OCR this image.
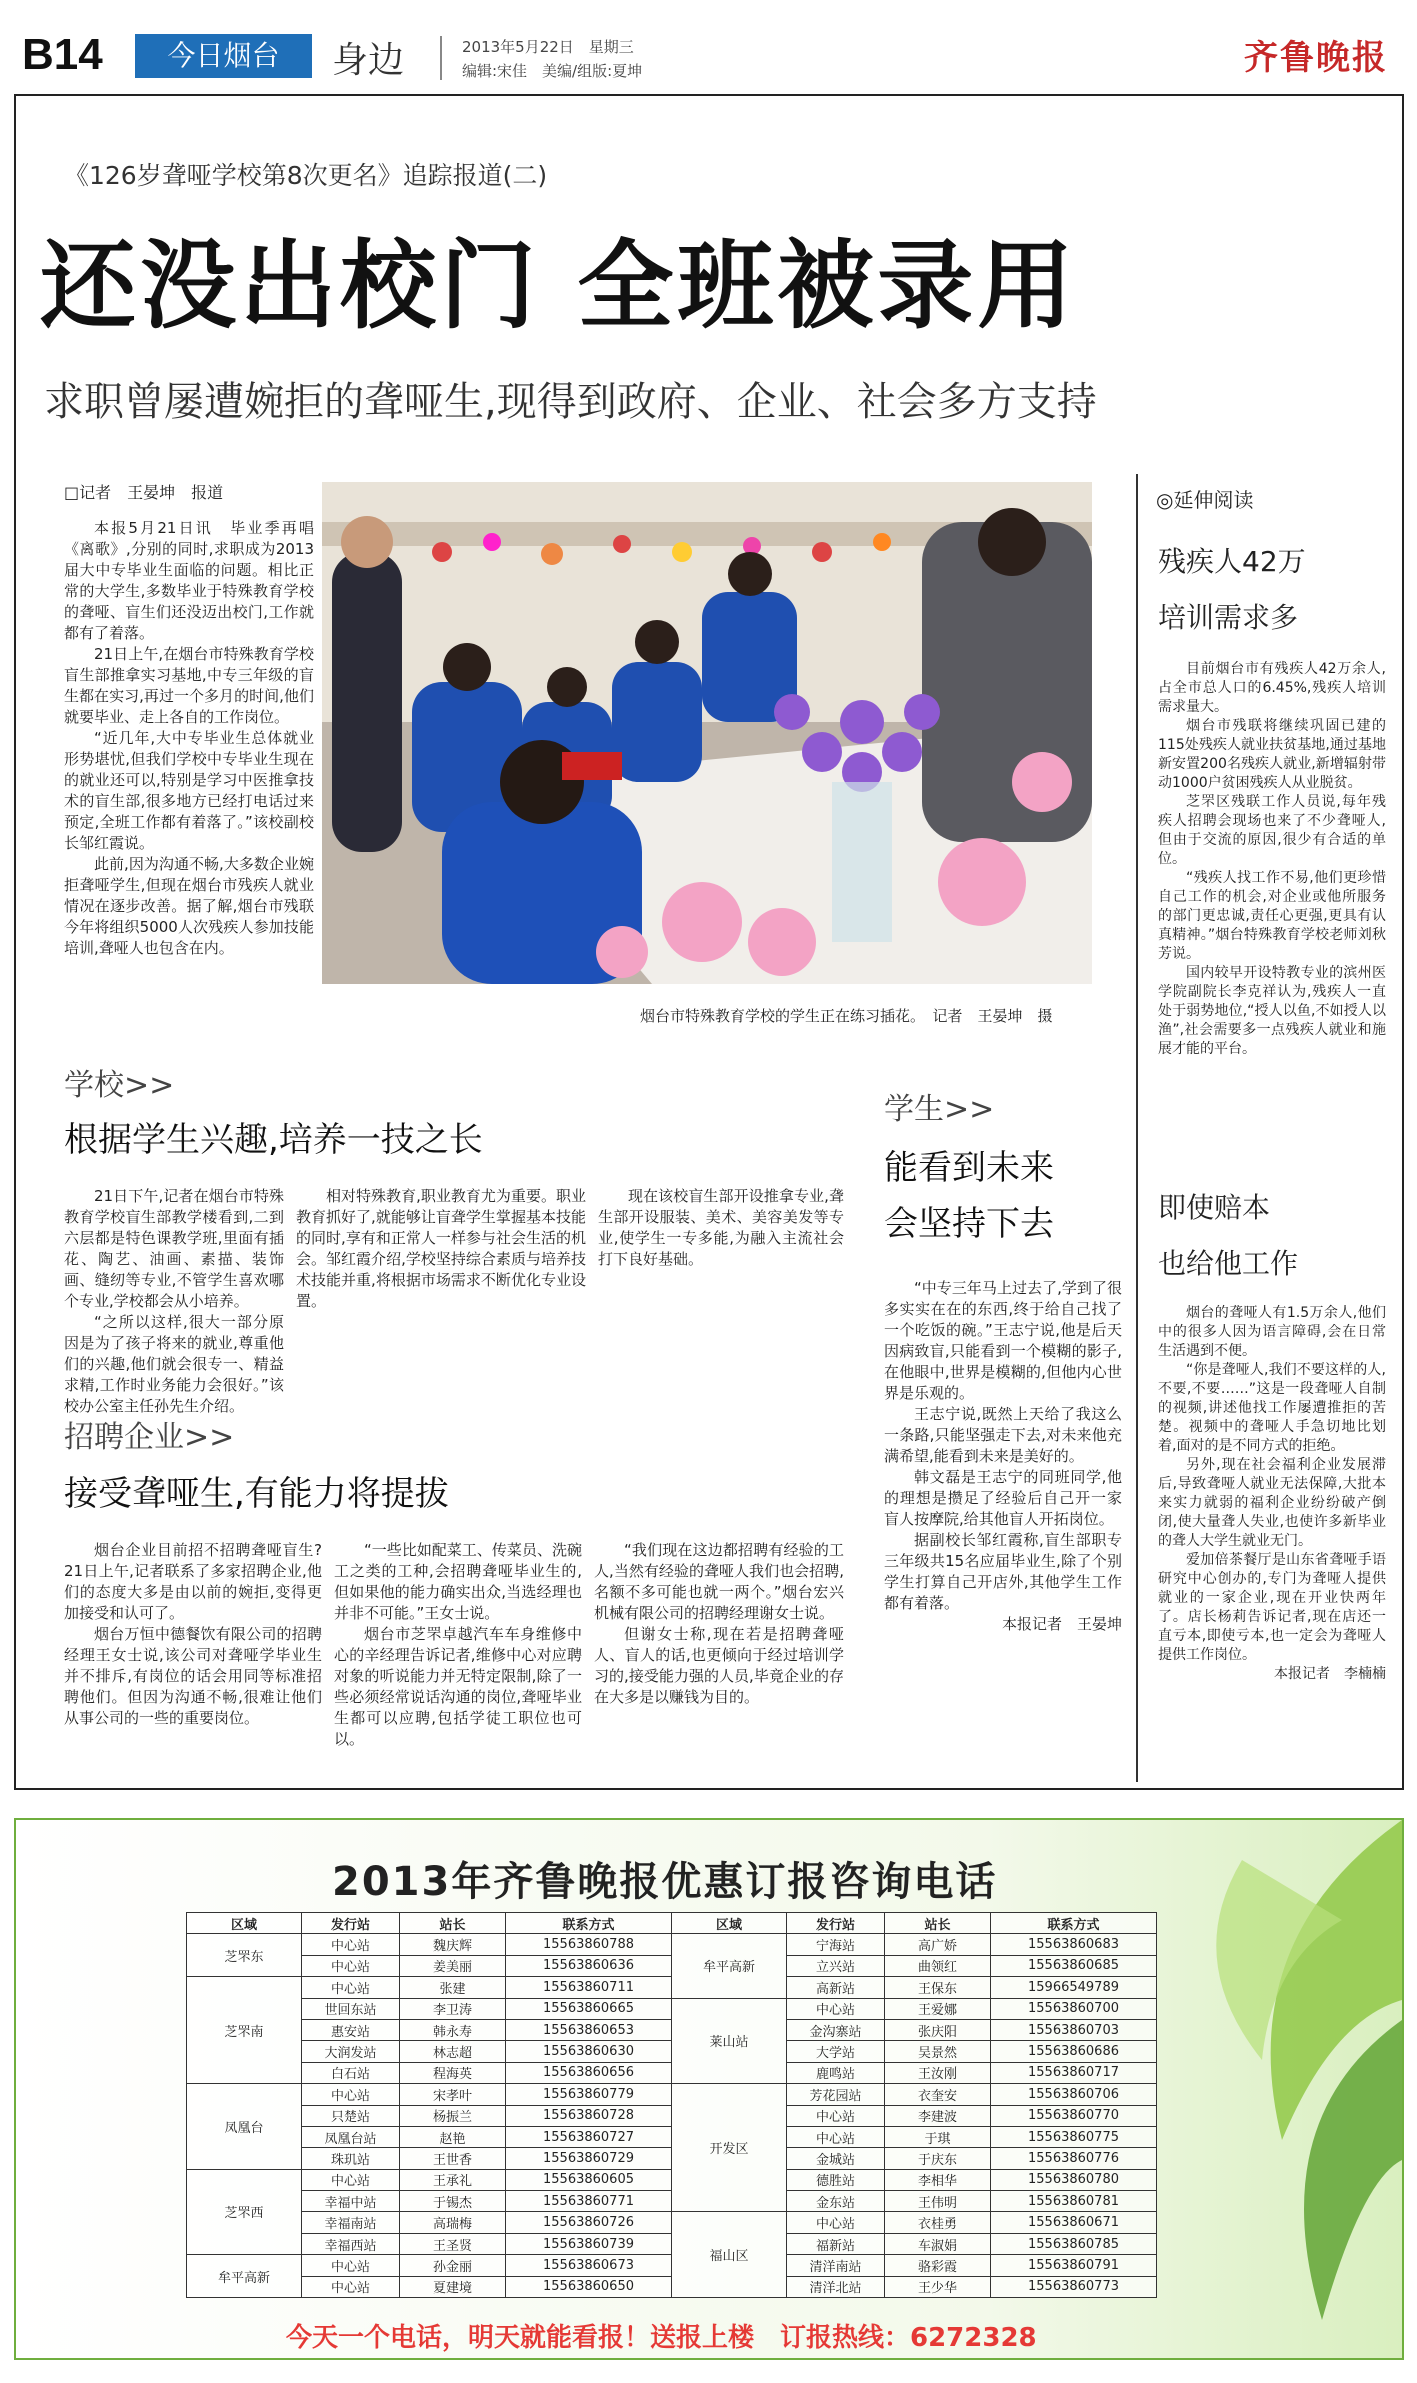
B14	今日烟台	身边	2013年5月22日　星期三
编辑:宋佳　美编/组版:夏坤	齐鲁晚报
《126岁聋哑学校第8次更名》追踪报道(二)
还没出校门 全班被录用
求职曾屡遭婉拒的聋哑生,现得到政府、企业、社会多方支持
□记者　王晏坤　报道

本报5月21日讯　毕业季再唱《离歌》,分别的同时,求职成为2013届大中专毕业生面临的问题。相比正常的大学生,多数毕业于特殊教育学校的聋哑、盲生们还没迈出校门,工作就都有了着落。

21日上午,在烟台市特殊教育学校盲生部推拿实习基地,中专三年级的盲生都在实习,再过一个多月的时间,他们就要毕业、走上各自的工作岗位。

“近几年,大中专毕业生总体就业形势堪忧,但我们学校中专毕业生现在的就业还可以,特别是学习中医推拿技术的盲生部,很多地方已经打电话过来预定,全班工作都有着落了。”该校副校长邹红霞说。

此前,因为沟通不畅,大多数企业婉拒聋哑学生,但现在烟台市残疾人就业情况在逐步改善。据了解,烟台市残联今年将组织5000人次残疾人参加技能培训,聋哑人也包含在内。

烟台市特殊教育学校的学生正在练习插花。　记者　王晏坤　摄
学校>>
根据学生兴趣,培养一技之长

21日下午,记者在烟台市特殊教育学校盲生部教学楼看到,二到六层都是特色课教学班,里面有插花、陶艺、油画、素描、装饰画、缝纫等专业,不管学生喜欢哪个专业,学校都会从小培养。

“之所以这样,很大一部分原因是为了孩子将来的就业,尊重他们的兴趣,他们就会很专一、精益求精,工作时业务能力会很好。”该校办公室主任孙先生介绍。

相对特殊教育,职业教育尤为重要。职业教育抓好了,就能够让盲聋学生掌握基本技能的同时,享有和正常人一样参与社会生活的机会。邹红霞介绍,学校坚持综合素质与培养技术技能并重,将根据市场需求不断优化专业设置。

现在该校盲生部开设推拿专业,聋生部开设服装、美术、美容美发等专业,使学生一专多能,为融入主流社会打下良好基础。

招聘企业>>
接受聋哑生,有能力将提拔

烟台企业目前招不招聘聋哑盲生?21日上午,记者联系了多家招聘企业,他们的态度大多是由以前的婉拒,变得更加接受和认可了。

烟台万恒中德餐饮有限公司的招聘经理王女士说,该公司对聋哑学毕业生并不排斥,有岗位的话会用同等标准招聘他们。但因为沟通不畅,很难让他们从事公司的一些的重要岗位。

“一些比如配菜工、传菜员、洗碗工之类的工种,会招聘聋哑毕业生的,但如果他的能力确实出众,当选经理也并非不可能。”王女士说。

烟台市芝罘卓越汽车车身维修中心的辛经理告诉记者,维修中心对应聘对象的听说能力并无特定限制,除了一些必须经常说话沟通的岗位,聋哑毕业生都可以应聘,包括学徒工职位也可以。

“我们现在这边都招聘有经验的工人,当然有经验的聋哑人我们也会招聘,名额不多可能也就一两个。”烟台宏兴机械有限公司的招聘经理谢女士说。

但谢女士称,现在若是招聘聋哑人、盲人的话,也更倾向于经过培训学习的,接受能力强的人员,毕竟企业的存在大多是以赚钱为目的。

学生>>
能看到未来
会坚持下去

“中专三年马上过去了,学到了很多实实在在的东西,终于给自己找了一个吃饭的碗。”王志宁说,他是后天因病致盲,只能看到一个模糊的影子,在他眼中,世界是模糊的,但他内心世界是乐观的。

王志宁说,既然上天给了我这么一条路,只能坚强走下去,对未来他充满希望,能看到未来是美好的。

韩文磊是王志宁的同班同学,他的理想是攒足了经验后自己开一家盲人按摩院,给其他盲人开拓岗位。

据副校长邹红霞称,盲生部职专三年级共15名应届毕业生,除了个别学生打算自己开店外,其他学生工作都有着落。

本报记者　王晏坤
◎延伸阅读
残疾人42万
培训需求多

目前烟台市有残疾人42万余人,占全市总人口的6.45%,残疾人培训需求量大。

烟台市残联将继续巩固已建的115处残疾人就业扶贫基地,通过基地新安置200名残疾人就业,新增辐射带动1000户贫困残疾人从业脱贫。

芝罘区残联工作人员说,每年残疾人招聘会现场也来了不少聋哑人,但由于交流的原因,很少有合适的单位。

“残疾人找工作不易,他们更珍惜自己工作的机会,对企业或他所服务的部门更忠诚,责任心更强,更具有认真精神。”烟台特殊教育学校老师刘秋芳说。

国内较早开设特教专业的滨州医学院副院长李克祥认为,残疾人一直处于弱势地位,“授人以鱼,不如授人以渔”,社会需要多一点残疾人就业和施展才能的平台。

即使赔本
也给他工作

烟台的聋哑人有1.5万余人,他们中的很多人因为语言障碍,会在日常生活遇到不便。

“你是聋哑人,我们不要这样的人,不要,不要……”这是一段聋哑人自制的视频,讲述他找工作屡遭推拒的苦楚。视频中的聋哑人手急切地比划着,面对的是不同方式的拒绝。

另外,现在社会福利企业发展滞后,导致聋哑人就业无法保障,大批本来实力就弱的福利企业纷纷破产倒闭,使大量聋人失业,也使许多新毕业的聋人大学生就业无门。

爱加倍茶餐厅是山东省聋哑手语研究中心创办的,专门为聋哑人提供就业的一家企业,现在开业快两年了。店长杨莉告诉记者,现在店还一直亏本,即使亏本,也一定会为聋哑人提供工作岗位。

本报记者　李楠楠
2013年齐鲁晚报优惠订报咨询电话
区域	发行站	站长	联系方式	区域	发行站	站长	联系方式
芝罘东	中心站	魏庆辉	15563860788	牟平高新	宁海站	高广娇	15563860683
	中心站	姜美丽	15563860636		立兴站	曲领红	15563860685
芝罘南	中心站	张建	15563860711		高新站	王保东	15966549789
	世回东站	李卫涛	15563860665	莱山站	中心站	王爱娜	15563860700
	惠安站	韩永寿	15563860653		金沟寨站	张庆阳	15563860703
	大润发站	林志超	15563860630		大学站	吴景然	15563860686
	白石站	程海英	15563860656		鹿鸣站	王汝刚	15563860717
凤凰台	中心站	宋孝叶	15563860779	开发区	芳花园站	衣奎安	15563860706
	只楚站	杨振兰	15563860728		中心站	李建波	15563860770
	凤凰台站	赵艳	15563860727		中心站	于琪	15563860775
	珠玑站	王世香	15563860729		金城站	于庆东	15563860776
芝罘西	中心站	王承礼	15563860605		德胜站	李相华	15563860780
	幸福中站	于锡杰	15563860771		金东站	王伟明	15563860781
	幸福南站	高瑞梅	15563860726	福山区	中心站	衣桂勇	15563860671
	幸福西站	王圣贤	15563860739		福新站	车淑娟	15563860785
牟平高新	中心站	孙金丽	15563860673		清洋南站	骆彩霞	15563860791
	中心站	夏建境	15563860650		清洋北站	王少华	15563860773
今天一个电话，明天就能看报！送报上楼　订报热线：6272328
